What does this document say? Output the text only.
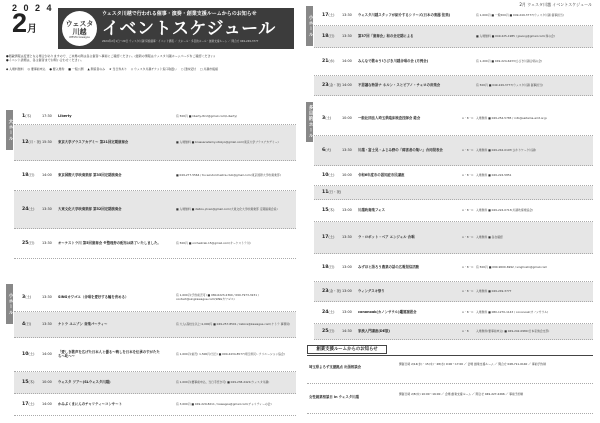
2 0 2 4
2月	ウェスタ
川越
WESTA kawagoe
ウェスタ川越で行われる催事・演奏・創業支援ルームからのお知らせ
イベントスケジュール
2024年2月1日～29日 ウェスタ川越 貸館催事・イベント情報 ／ 大ホール・多目的ホール・創業支援ルーム ／ 問合せ 049-249-3777
2月 ウェスタ川越 イベントスケジュール
●掲載情報は変更となる場合がありますので、ご来場の際は各主催者へ事前にご確認ください。(最新の情報はウェスタ川越ホームページをご確認ください)
●イベント詳細は、各主催者までお問い合わせください。
◆ 入場料無料 ◎ 要事前申込 ● 要入場券 ■ 一般公開 ▲ 関係者のみ ★ 当日券あり ◇ ウェスタ川越チケット窓口取扱い ○ 団体受付 □ 川越市後援
大ホール
1 (木)	17:30 Liberty	有 500円 ■ liberty.dtc2@gmail.com(Liberty)
12 (月・祝) 15:30 東京大学ブラスアカデミー 第21回定期演奏会	■ 入場無料 ■ brassacademy.utokyo@gmail.com(東京大学ブラスアカデミー)
18 (日) 14:00 東京国際大学吹奏楽部 第35回定期演奏会	■ 049-277-5564 / tiu.windorchestra.club@gmail.com(東京国際大学吹奏楽部)
24 (土) 13:30 大東文化大学吹奏楽部 第52回定期演奏会	■ 入場無料 ■ daitou.jd.wo@gmail.com(大東文化大学吹奏楽部 定期演奏会係)
25 (日) 13:30 オーケストラ川 第5回演奏会 ※整理券の配布は終了いたしました。	有 500円 ■ orchestrak.15@gmail.com(オーケストラ川)
小ホール 3 (土)	13:30 SINGカワゴエ（合唱を愛好する輪を育める）	有 1,000円(予約前売可) ■ 080-6223-2360 / 090-7973-3231 / contact@singkawagoe.com(SINGカワゴエ)
4 (日)	13:30 ケトラ ユニゾン 音楽パーティー	有 大人(高校生以上)1,000円 ■ 049-257-8501 / ketora@kawagoe.com(ケトラ 事務局)
10 (土) 14:00 「愛しき歌声を広げた日本人と優る～戦しを日本を伝承のすがたたちへ叱へ～	有 1,000円(前売) 1,500円(当日) ■ 090-4434-8577(埼玉県民レクリエーション協会)
15 (木) 10:00 ウェスタ ツアー(SLウェスタ川越)	有 1,000円(要事前申込、当日手続き可) ■ 049-238-2421(ウェスタ川越)
17 (土) 14:00 かみぶくまにんのチャリティーコンサート	有 3,000円 ■ 049-229-8211 / kawagoe@gmail.com(チャリティーの会)
小ホール 17 (土) 13:30 ウェスタ川越スタッフが紹介するシリーズ(日本の楽器 弦楽)	有 1,000円 ■ 一般500円 ■ 049-249-3777(ウェスタ川越 催事担当)
18 (日) 13:30 第37回「演奏会」和の会定期による	■ 入場無料 ■ 049-225-1985 / jpsong@gmail.com(和の会)
21 (水) 14:00 みんなで歌おう!ひびき川越合唱の会 (月例会)	有 1,200円 ■ 049-224-6433(ひびき川越合唱の会)
23 (金・祝) 14:00 不思議な物語ナ ネルン・スとピアノ・チェロの音楽会	有 500円 ■ 049-249-3777(ウェスタ川越 催事担当)
多目的ホール 3 (土)	10:00 一般社団法人埼玉県臨床検査技師会 総会	A・B・C 入場無料 ■ 049-254-5785 / info@saitama-amt.or.jp
6 (火)	13:30 川越・富士見・ふじみ野の「障害者の集い」合同発表会	A・B・C 入場無料 ■ 049-242-0197(ひかりワーク川越)
10 (土) 10:00 令和6年度市の認知症市民講座	A・B・C 入場無料 ■ 049-224-5851
11 (日・祝)
15 (木) 13:00 川越吹奏楽フェス	A・B・C 入場無料 ■ 049-224-0713(川越吹奏楽協会)
17 (土) 13:30 ラ・ロボット・ベア エンジェル 合唱	A・B・C 入場無料 ■ 各自確認
18 (日) 13:00 みずほと語ろう農業の話の広報発信活動	A・B・C 有 500円 ■ 090-9000-6992 / singhoshi@gmail.com
23 (金・祝) 13:00 ウィングスキ祭り	A・B・C 入場無料 ■ 049-249-3777
24 (土) 13:00 cononoak(カノンサウル)鑑賞謝恩会	A・B・C 入場無料 ■ 080-1270-1143 / cononoak(カノンサウル)
25 (日) 14:30 家族入門講座(DE版)	A・B	入場無料(要事前申込) ■ 049-242-0980(日本家族会支部)
創業支援ルームからのお知らせ
埼玉県よろず支援拠点 出張相談会
開催日時 2/14(水)・15(木)・28(水) 9:00～17:00 ／ 会場 創業支援ルーム ／ 問合せ 048-711-0140 ／ 事前予約制
女性創業相談日 in ウェスタ川越
開催日時 2/8(木) 10:00～16:00 ／ 会場 創業支援ルーム ／ 問合せ 049-227-2266 ／ 事前予約制
